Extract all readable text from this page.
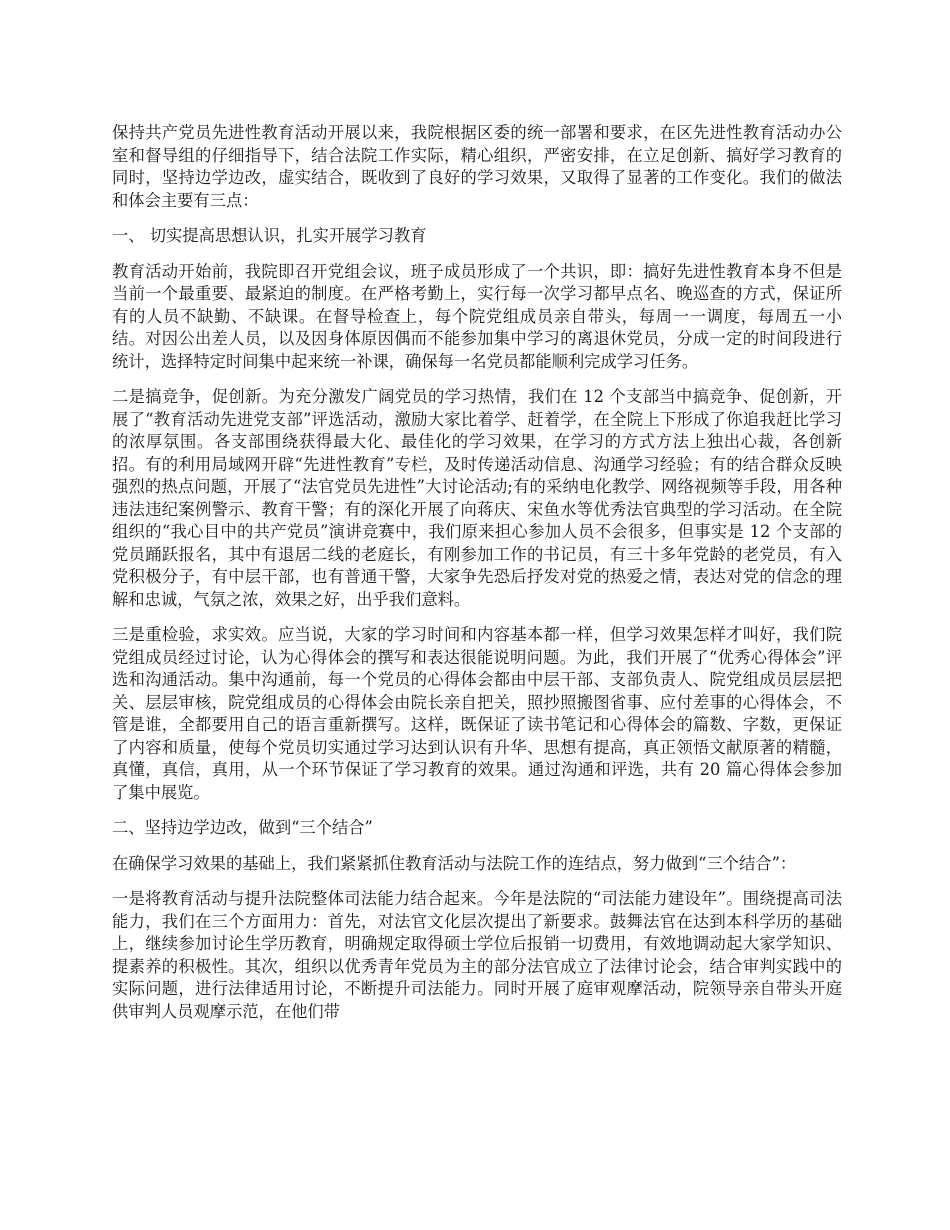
保持共产党员先进性教育活动开展以来，我院根据区委的统一部署和要求，在区先进性教育活动办公室和督导组的仔细指导下，结合法院工作实际，精心组织，严密安排，在立足创新、搞好学习教育的同时，坚持边学边改，虚实结合，既收到了良好的学习效果，又取得了显著的工作变化。我们的做法和体会主要有三点：

一、 切实提高思想认识，扎实开展学习教育

教育活动开始前，我院即召开党组会议，班子成员形成了一个共识，即：搞好先进性教育本身不但是当前一个最重要、最紧迫的制度。在严格考勤上，实行每一次学习都早点名、晚巡查的方式，保证所有的人员不缺勤、不缺课。在督导检查上，每个院党组成员亲自带头，每周一一调度，每周五一小结。对因公出差人员，以及因身体原因偶而不能参加集中学习的离退休党员，分成一定的时间段进行统计，选择特定时间集中起来统一补课，确保每一名党员都能顺利完成学习任务。

二是搞竞争，促创新。为充分激发广阔党员的学习热情，我们在 12 个支部当中搞竞争、促创新，开展了“教育活动先进党支部”评选活动，激励大家比着学、赶着学，在全院上下形成了你追我赶比学习的浓厚氛围。各支部围绕获得最大化、最佳化的学习效果，在学习的方式方法上独出心裁，各创新招。有的利用局域网开辟“先进性教育”专栏，及时传递活动信息、沟通学习经验；有的结合群众反映强烈的热点问题，开展了“法官党员先进性”大讨论活动;有的采纳电化教学、网络视频等手段，用各种违法违纪案例警示、教育干警；有的深化开展了向蒋庆、宋鱼水等优秀法官典型的学习活动。在全院组织的“我心目中的共产党员”演讲竞赛中，我们原来担心参加人员不会很多，但事实是 12 个支部的党员踊跃报名，其中有退居二线的老庭长，有刚参加工作的书记员，有三十多年党龄的老党员，有入党积极分子，有中层干部，也有普通干警，大家争先恐后抒发对党的热爱之情，表达对党的信念的理解和忠诚，气氛之浓，效果之好，出乎我们意料。

三是重检验，求实效。应当说，大家的学习时间和内容基本都一样，但学习效果怎样才叫好，我们院党组成员经过讨论，认为心得体会的撰写和表达很能说明问题。为此，我们开展了“优秀心得体会”评选和沟通活动。集中沟通前，每一个党员的心得体会都由中层干部、支部负责人、院党组成员层层把关、层层审核，院党组成员的心得体会由院长亲自把关，照抄照搬图省事、应付差事的心得体会，不管是谁，全都要用自己的语言重新撰写。这样，既保证了读书笔记和心得体会的篇数、字数，更保证了内容和质量，使每个党员切实通过学习达到认识有升华、思想有提高，真正领悟文献原著的精髓，真懂，真信，真用，从一个环节保证了学习教育的效果。通过沟通和评选，共有 20 篇心得体会参加了集中展览。

二、坚持边学边改，做到“三个结合”

在确保学习效果的基础上，我们紧紧抓住教育活动与法院工作的连结点，努力做到“三个结合”：

一是将教育活动与提升法院整体司法能力结合起来。今年是法院的“司法能力建设年”。围绕提高司法能力，我们在三个方面用力：首先，对法官文化层次提出了新要求。鼓舞法官在达到本科学历的基础上，继续参加讨论生学历教育，明确规定取得硕士学位后报销一切费用，有效地调动起大家学知识、提素养的积极性。其次，组织以优秀青年党员为主的部分法官成立了法律讨论会，结合审判实践中的实际问题，进行法律适用讨论，不断提升司法能力。同时开展了庭审观摩活动，院领导亲自带头开庭供审判人员观摩示范，在他们带
